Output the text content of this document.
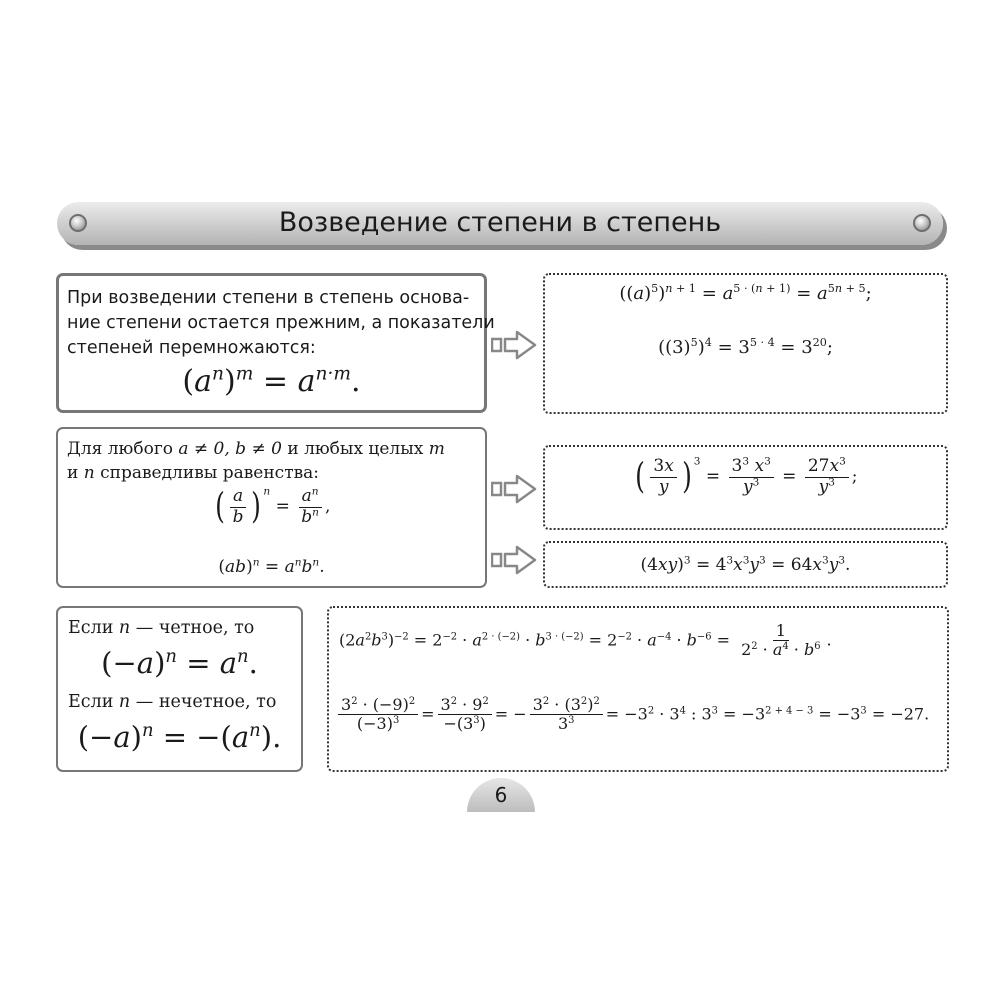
Возведение степени в степень
При возведении степени в степень основа-
ние степени остается прежним, а показатели
степеней перемножаются:
$(a^n)^m = a^{n\cdot m}$.
$((a)^5)^{n + 1} = a^{5 \cdot (n + 1)} = a^{5n + 5}$;
$((3)^5)^4 = 3^{5 \cdot 4} = 3^{20}$;
Для любого a ≠ 0, b ≠ 0 и любых целых m
и n справедливы равенства:
( $\frac{a}{b}$ ) $^n = \frac{a^n}{b^n}$ ,
$(ab)^n = a^nb^n$.
( $\frac{3x}{y}$ ) $^3 = \frac{3^3 x^3}{y^3} = \frac{27x^3}{y^3}$ ;
$(4xy)^3 = 4^3x^3y^3 = 64x^3y^3$.
Если n — четное, то
$(-a)^n = a^n$.
Если n — нечетное, то
$(-a)^n = -(a^n)$.
$(2a^2b^3)^{-2} = 2^{-2} \cdot a^{2 \cdot (-2)} \cdot b^{3 \cdot (-2)} = 2^{-2} \cdot a^{-4} \cdot b^{-6} = \frac{1}{2^2 \cdot a^4 \cdot b^6}$ .
$\frac{3^2 \cdot (-9)^2}{(-3)^3} = \frac{3^2 \cdot 9^2}{-(3^3)}$ = − $\frac{3^2 \cdot (3^2)^2}{3^3} = -3^2 \cdot 3^4$ : $3^3 = -3^{2 + 4 - 3} = -3^3 = -27$.
6
